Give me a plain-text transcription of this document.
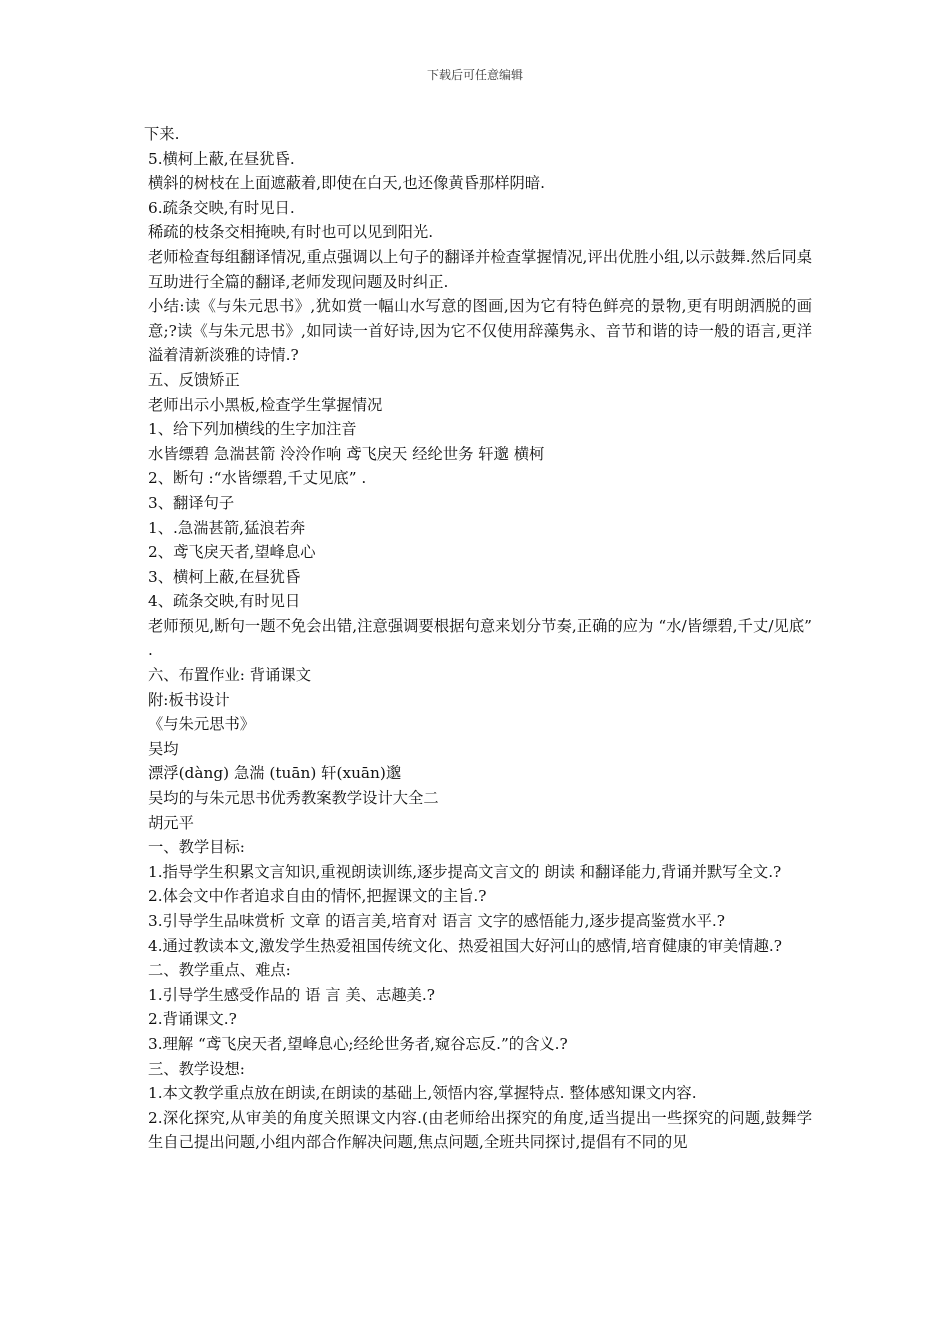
下载后可任意编辑

下来.

5.横柯上蔽,在昼犹昏.

横斜的树枝在上面遮蔽着,即使在白天,也还像黄昏那样阴暗.

6.疏条交映,有时见日.

稀疏的枝条交相掩映,有时也可以见到阳光.

老师检查每组翻译情况,重点强调以上句子的翻译并检查掌握情况,评出优胜小组,以示鼓舞.然后同桌互助进行全篇的翻译,老师发现问题及时纠正.

小结:读《与朱元思书》,犹如赏一幅山水写意的图画,因为它有特色鲜亮的景物,更有明朗洒脱的画意;?读《与朱元思书》,如同读一首好诗,因为它不仅使用辞藻隽永、音节和谐的诗一般的语言,更洋溢着清新淡雅的诗情.?

五、反馈矫正

老师出示小黑板,检查学生掌握情况

1、给下列加横线的生字加注音

水皆缥碧 急湍甚箭 泠泠作响 鸢飞戾天 经纶世务 轩邈 横柯

2、断句 :“水皆缥碧,千丈见底” .

3、翻译句子

1、.急湍甚箭,猛浪若奔

2、鸢飞戾天者,望峰息心

3、横柯上蔽,在昼犹昏

4、疏条交映,有时见日

老师预见,断句一题不免会出错,注意强调要根据句意来划分节奏,正确的应为 “水/皆缥碧,千丈/见底” .

六、布置作业: 背诵课文

附:板书设计

《与朱元思书》

吴均

漂浮(dàng) 急湍 (tuān) 轩(xuān)邈

吴均的与朱元思书优秀教案教学设计大全二

胡元平

一、教学目标:

1.指导学生积累文言知识,重视朗读训练,逐步提高文言文的 朗读 和翻译能力,背诵并默写全文.?

2.体会文中作者追求自由的情怀,把握课文的主旨.?

3.引导学生品味赏析 文章 的语言美,培育对 语言 文字的感悟能力,逐步提高鉴赏水平.?

4.通过教读本文,激发学生热爱祖国传统文化、热爱祖国大好河山的感情,培育健康的审美情趣.?

二、教学重点、难点:

1.引导学生感受作品的 语 言 美、志趣美.?

2.背诵课文.?

3.理解 “鸢飞戾天者,望峰息心;经纶世务者,窥谷忘反.”的含义.?

三、教学设想:

1.本文教学重点放在朗读,在朗读的基础上,领悟内容,掌握特点. 整体感知课文内容.

2.深化探究,从审美的角度关照课文内容.(由老师给出探究的角度,适当提出一些探究的问题,鼓舞学生自己提出问题,小组内部合作解决问题,焦点问题,全班共同探讨,提倡有不同的见
